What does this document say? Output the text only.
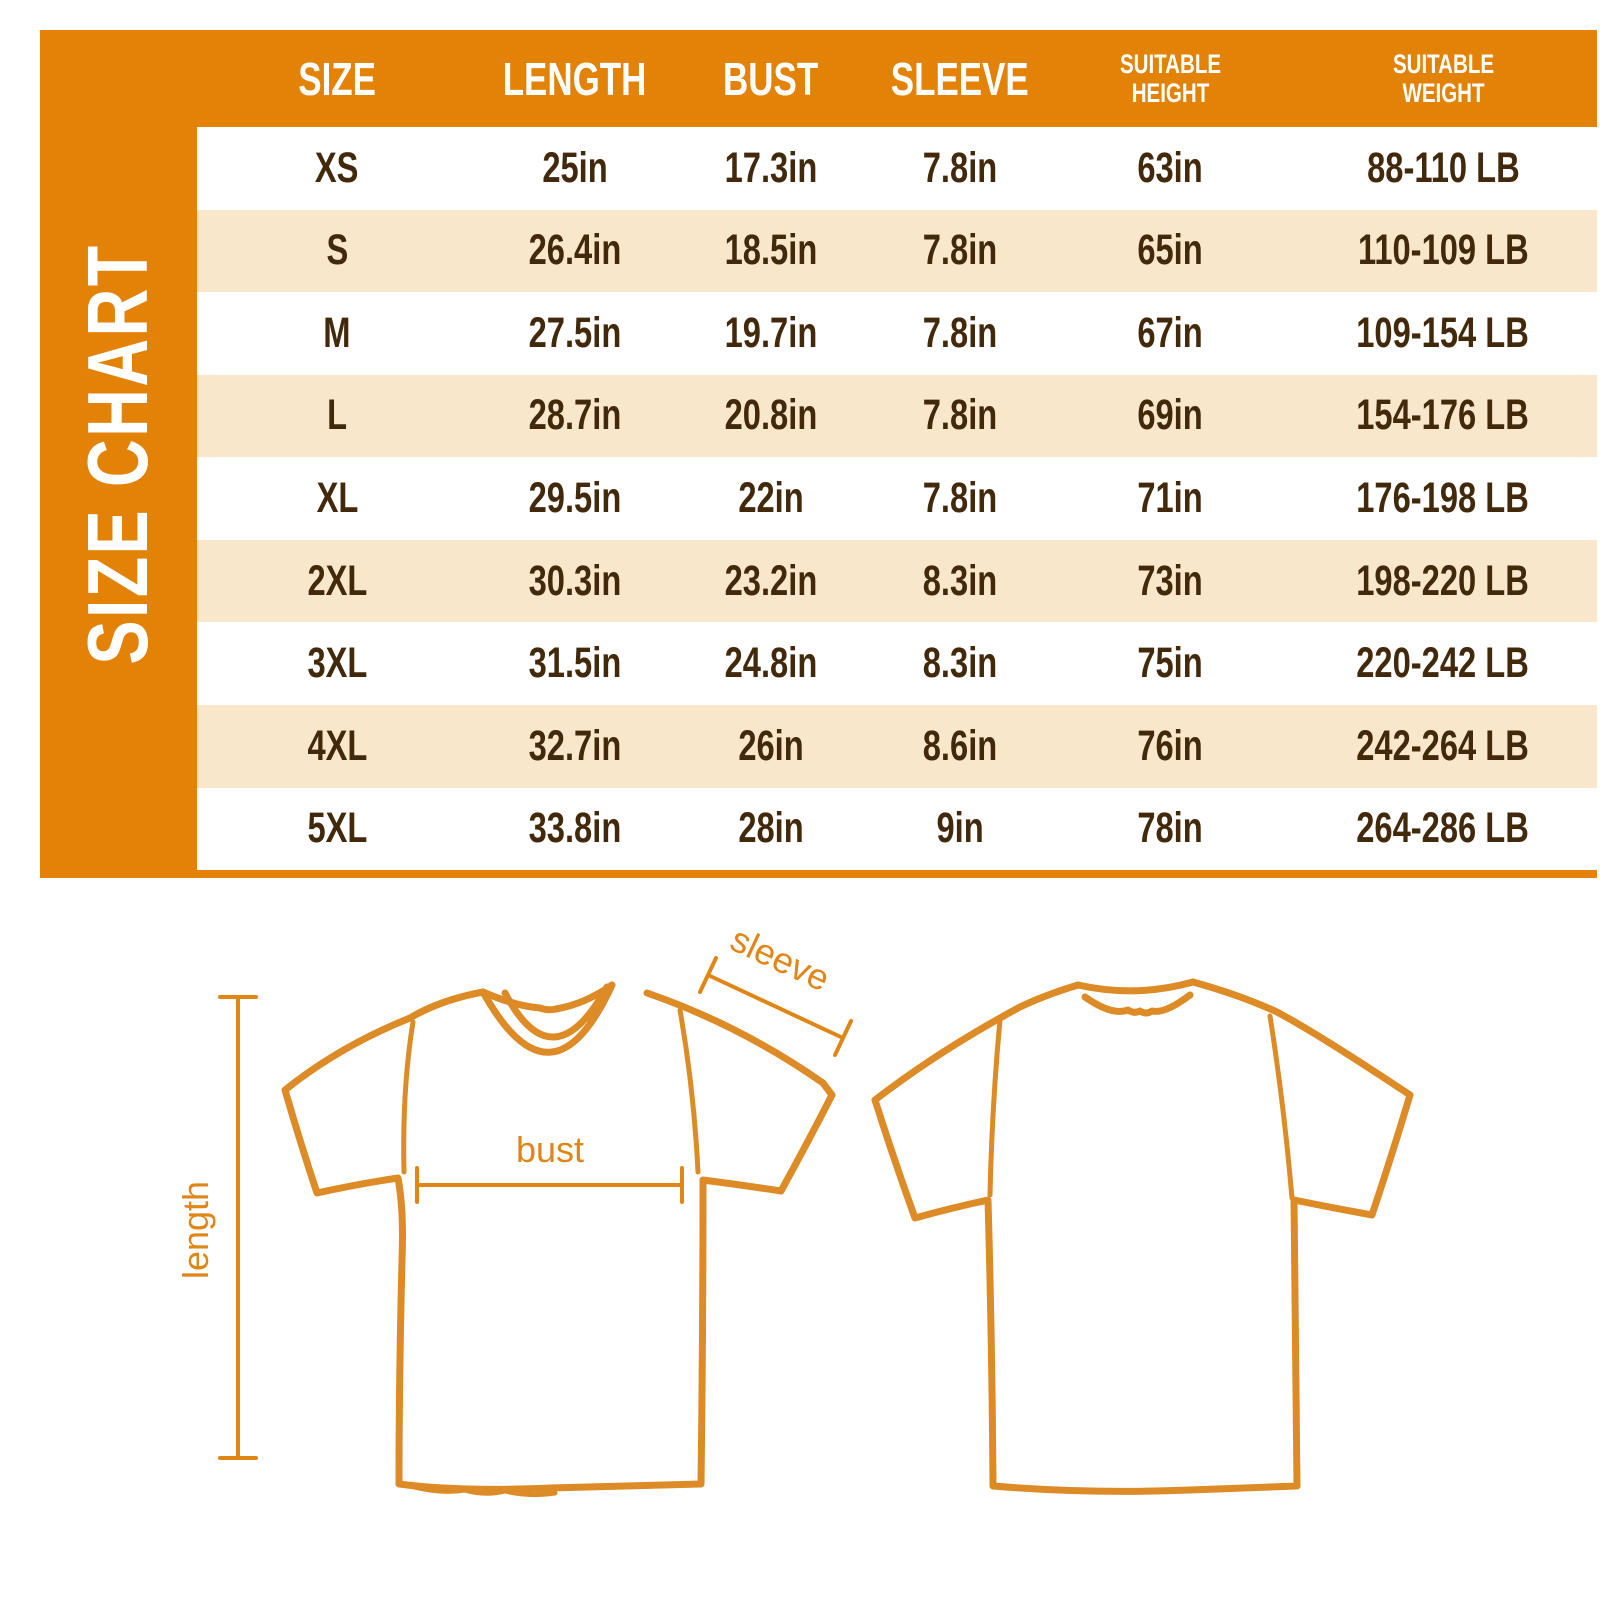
SIZE CHART
SIZE	LENGTH BUST SLEEVE	SUITABLE
HEIGHT
SUITABLE
WEIGHT
XS	25in	17.3in 7.8in	63in	88-110 LB
S	26.4in 18.5in 7.8in	65in	110-109 LB
M	27.5in 19.7in 7.8in	67in	109-154 LB
L	28.7in 20.8in 7.8in	69in	154-176 LB
XL	29.5in	22in	7.8in	71in	176-198 LB
2XL	30.3in 23.2in 8.3in	73in	198-220 LB
3XL	31.5in 24.8in 8.3in	75in	220-242 LB
4XL	32.7in	26in	8.6in	76in	242-264 LB
5XL	33.8in	28in	9in	78in	264-286 LB
length
bust
sleeve
